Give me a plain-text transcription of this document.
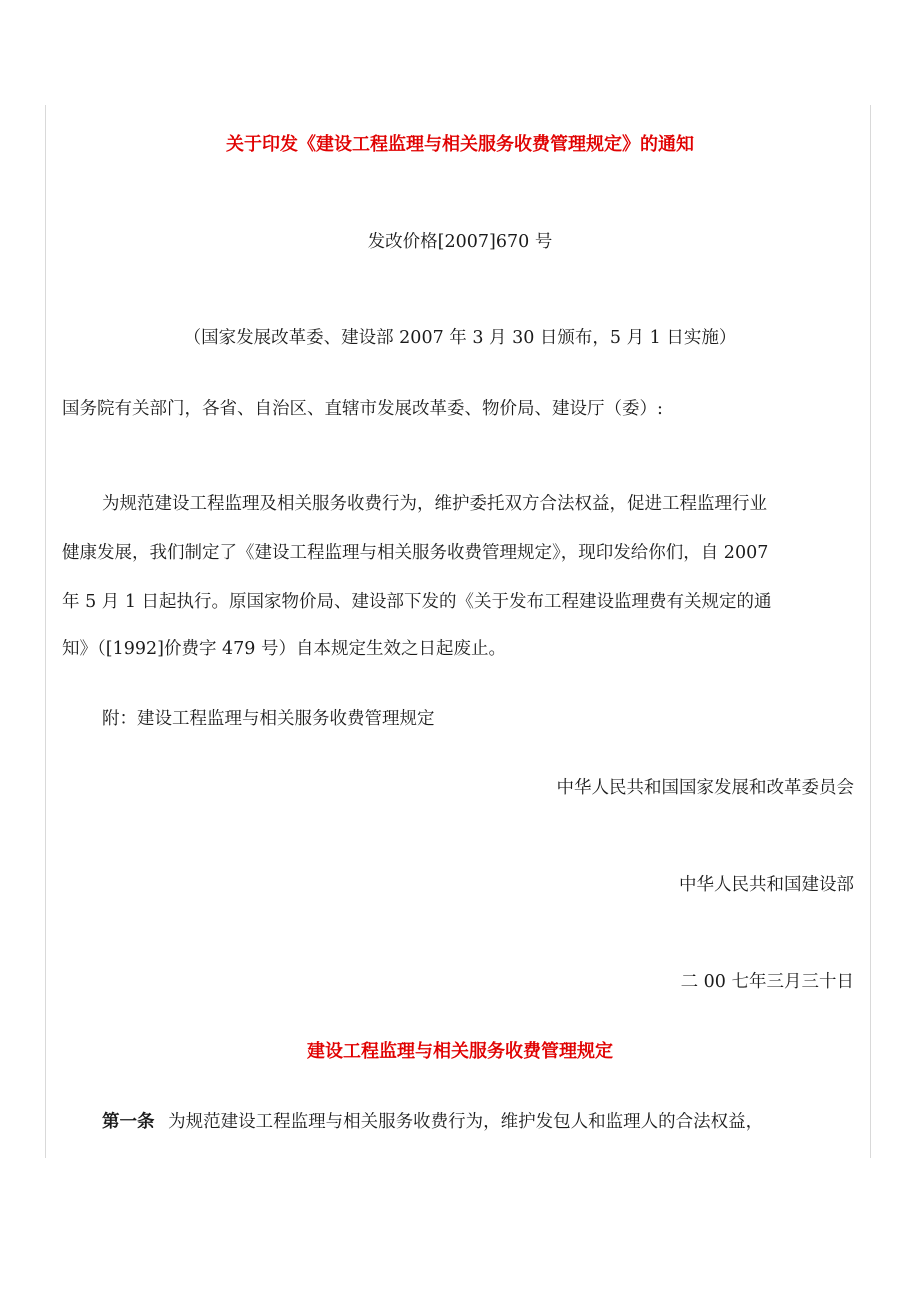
关于印发《建设工程监理与相关服务收费管理规定》的通知
发改价格[2007]670 号
（国家发展改革委、建设部 2007 年 3 月 30 日颁布，5 月 1 日实施）
国务院有关部门，各省、自治区、直辖市发展改革委、物价局、建设厅（委）:
为规范建设工程监理及相关服务收费行为，维护委托双方合法权益，促进工程监理行业
健康发展，我们制定了《建设工程监理与相关服务收费管理规定》，现印发给你们，自 2007
年 5 月 1 日起执行。原国家物价局、建设部下发的《关于发布工程建设监理费有关规定的通
知》（[1992]价费字 479 号）自本规定生效之日起废止。
附：建设工程监理与相关服务收费管理规定
中华人民共和国国家发展和改革委员会
中华人民共和国建设部
二 00 七年三月三十日
建设工程监理与相关服务收费管理规定
第一条 为规范建设工程监理与相关服务收费行为，维护发包人和监理人的合法权益，
